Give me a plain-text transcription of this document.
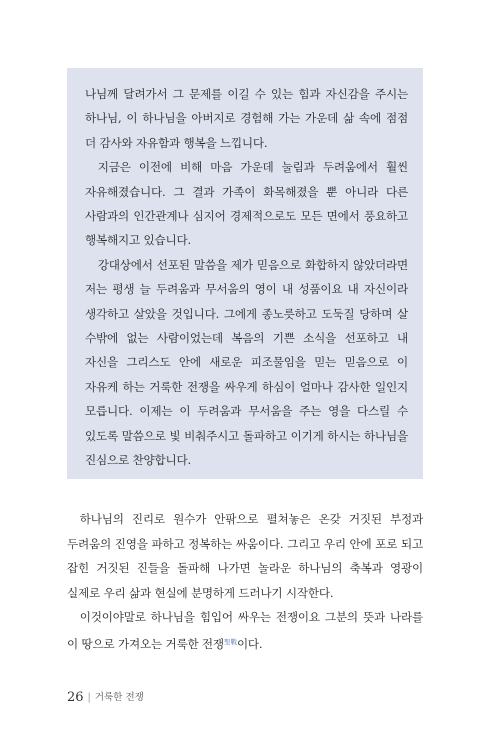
나님께 달려가서 그 문제를 이길 수 있는 힘과 자신감을 주시는 하나님, 이 하나님을 아버지로 경험해 가는 가운데 삶 속에 점점 더 감사와 자유함과 행복을 느낍니다.

지금은 이전에 비해 마음 가운데 눌림과 두려움에서 훨씬 자유해졌습니다. 그 결과 가족이 화목해졌을 뿐 아니라 다른 사람과의 인간관계나 심지어 경제적으로도 모든 면에서 풍요하고 행복해지고 있습니다.

강대상에서 선포된 말씀을 제가 믿음으로 화합하지 않았더라면 저는 평생 늘 두려움과 무서움의 영이 내 성품이요 내 자신이라 생각하고 살았을 것입니다. 그에게 종노릇하고 도둑질 당하며 살 수밖에 없는 사람이었는데 복음의 기쁜 소식을 선포하고 내 자신을 그리스도 안에 새로운 피조물임을 믿는 믿음으로 이 자유케 하는 거룩한 전쟁을 싸우게 하심이 얼마나 감사한 일인지 모릅니다. 이제는 이 두려움과 무서움을 주는 영을 다스릴 수 있도록 말씀으로 빛 비춰주시고 돌파하고 이기게 하시는 하나님을 진심으로 찬양합니다.

하나님의 진리로 원수가 안팎으로 펼쳐놓은 온갖 거짓된 부정과 두려움의 진영을 파하고 정복하는 싸움이다. 그리고 우리 안에 포로 되고 잡힌 거짓된 진들을 돌파해 나가면 놀라운 하나님의 축복과 영광이 실제로 우리 삶과 현실에 분명하게 드러나기 시작한다.

이것이야말로 하나님을 힘입어 싸우는 전쟁이요 그분의 뜻과 나라를 이 땅으로 가져오는 거룩한 전쟁$^{聖戰}$이다.

26 | 거룩한 전쟁
